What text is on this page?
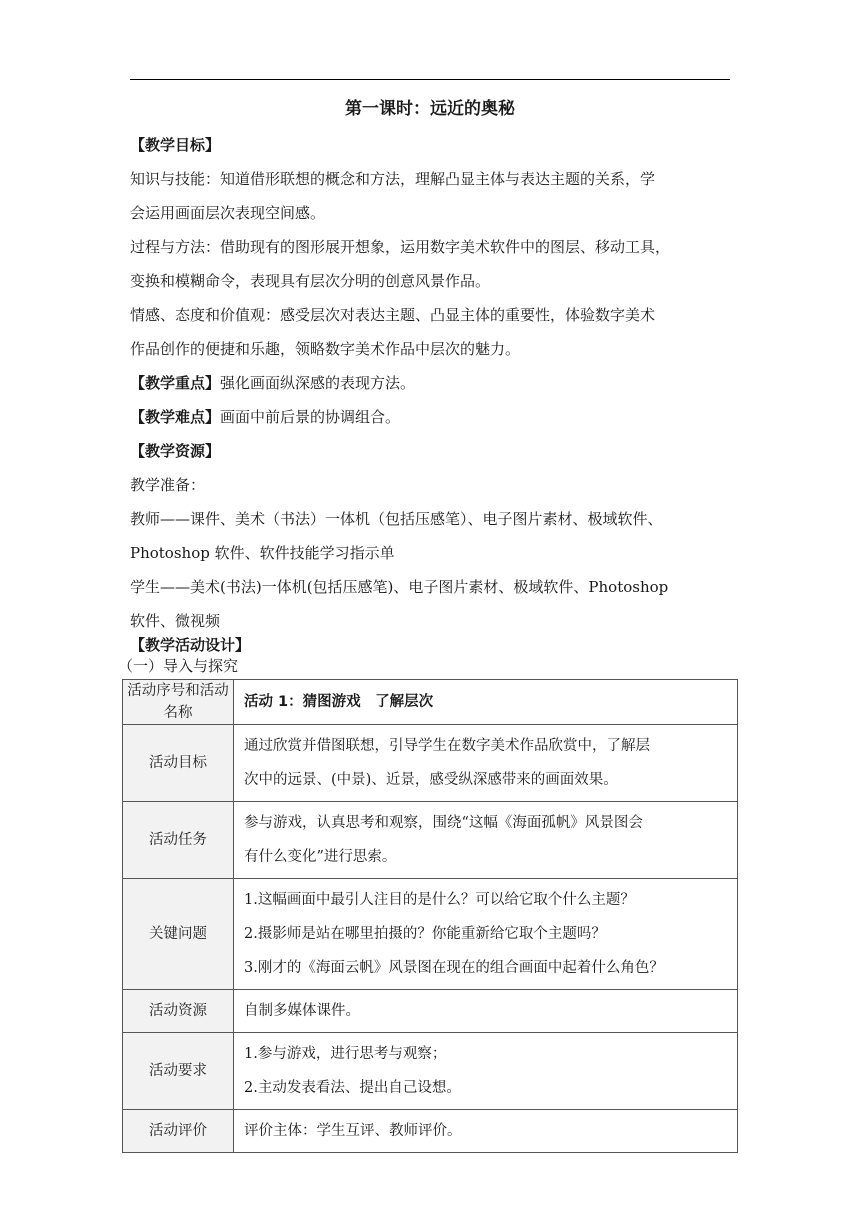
第一课时：远近的奥秘
【教学目标】
知识与技能：知道借形联想的概念和方法，理解凸显主体与表达主题的关系，学
会运用画面层次表现空间感。
过程与方法：借助现有的图形展开想象，运用数字美术软件中的图层、移动工具，
变换和模糊命令，表现具有层次分明的创意风景作品。
情感、态度和价值观：感受层次对表达主题、凸显主体的重要性，体验数字美术
作品创作的便捷和乐趣，领略数字美术作品中层次的魅力。
【教学重点】强化画面纵深感的表现方法。
【教学难点】画面中前后景的协调组合。
【教学资源】
教学准备：
教师——课件、美术（书法）一体机（包括压感笔）、电子图片素材、极域软件、
Photoshop 软件、软件技能学习指示单
学生——美术(书法)一体机(包括压感笔)、电子图片素材、极域软件、Photoshop
软件、微视频
【教学活动设计】
（一）导入与探究
活动序号和活动名称	活动 1：猜图游戏　了解层次
活动目标	通过欣赏并借图联想，引导学生在数字美术作品欣赏中，了解层
次中的远景、(中景)、近景，感受纵深感带来的画面效果。

活动任务	参与游戏，认真思考和观察，围绕“这幅《海面孤帆》风景图会
有什么变化”进行思索。

关键问题	1.这幅画面中最引人注目的是什么？可以给它取个什么主题？
2.摄影师是站在哪里拍摄的？你能重新给它取个主题吗？
3.刚才的《海面云帆》风景图在现在的组合画面中起着什么角色？

活动资源	自制多媒体课件。
活动要求	1.参与游戏，进行思考与观察；
2.主动发表看法、提出自己设想。

活动评价	评价主体：学生互评、教师评价。
